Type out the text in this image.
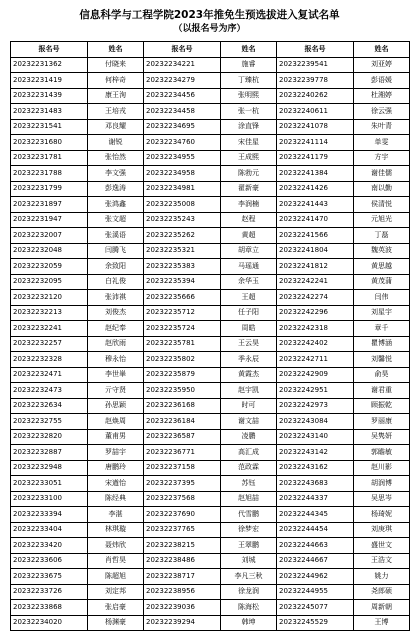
信息科学与工程学院2023年推免生预选拔进入复试名单
（以报名号为序）
报名号	姓名	报名号	姓名	报名号	姓名
20232231362	付晓来	20232234221	施睿	20232239541	刘亚婷
20232231419	何梓奇	20232234279	丁臻杭	20232239778	彭语媛
20232231439	康王洵	20232234456	张明熙	20232240262	杜湘婷
20232231483	王培戎	20232234458	张一杭	20232240611	徐云强
20232231541	邓良耀	20232234695	涂直锋	20232241078	朱叶青
20232231680	谢锐	20232234760	宋佳星	20232241114	单雯
20232231781	张怡然	20232234955	王成熙	20232241179	方宇
20232231788	李文强	20232234958	陈勃元	20232241384	谢佳儒
20232231799	彭逸涛	20232234981	翟新豪	20232241426	南以勤
20232231897	张鸿鑫	20232235008	李润楠	20232241443	侯清悦
20232231947	张文超	20232235243	赵程	20232241470	元旭光
20232232007	张溪语	20232235262	黄超	20232241566	丁磊
20232232048	闫腾飞	20232235321	胡章立	20232241804	魏英波
20232232059	余致阳	20232235383	马瑶通	20232241812	黄思越
20232232095	白礼俊	20232235394	余华玉	20232242241	黄茂蒲
20232232120	张沛祺	20232235666	王超	20232242274	闫伟
20232232213	刘俊杰	20232235712	任子阳	20232242296	刘星宇
20232232241	赵纪奉	20232235724	周皓	20232242318	章千
20232232257	赵欣雨	20232235781	王云昊	20232242402	瞿博涵
20232232328	穆永怡	20232235802	季永辰	20232242711	刘馨悦
20232232471	李世崋	20232235879	黄霞杰	20232242909	俞昊
20232232473	亓守贤	20232235950	赵宇凯	20232242951	谢君重
20232232634	孙思颖	20232236168	时可	20232242973	顾振乾
20232232755	赵焕周	20232236184	谢文喆	20232243084	罗丽康
20232232820	董甫男	20232236587	凌鹏	20232243140	吴隽妍
20232232887	罗喆宇	20232236771	高汇成	20232243142	郭瞻敏
20232232948	唐鹏玲	20232237158	范政霖	20232243162	赵川影
20232233051	宋遒怡	20232237395	苏钰	20232243683	胡润博
20232233100	陈经典	20232237568	赵旭喆	20232244337	吴思岑
20232233394	李湛	20232237690	代雪鹏	20232244345	杨琦妮
20232233404	林琪璇	20232237765	徐梦宏	20232244454	刘庚琪
20232233420	聂炜欣	20232238215	王翠鹏	20232244663	盛世文
20232233606	肖哲昊	20232238486	刘城	20232244667	王浩文
20232233675	陈超旭	20232238717	李凡三秋	20232244962	姚力
20232233726	刘定邦	20232238956	徐龙润	20232244955	尧郎硕
20232233868	张启豪	20232239036	陈海松	20232245077	周新朝
20232234020	杨渊豪	20232239294	韩坤	20232245529	王博
